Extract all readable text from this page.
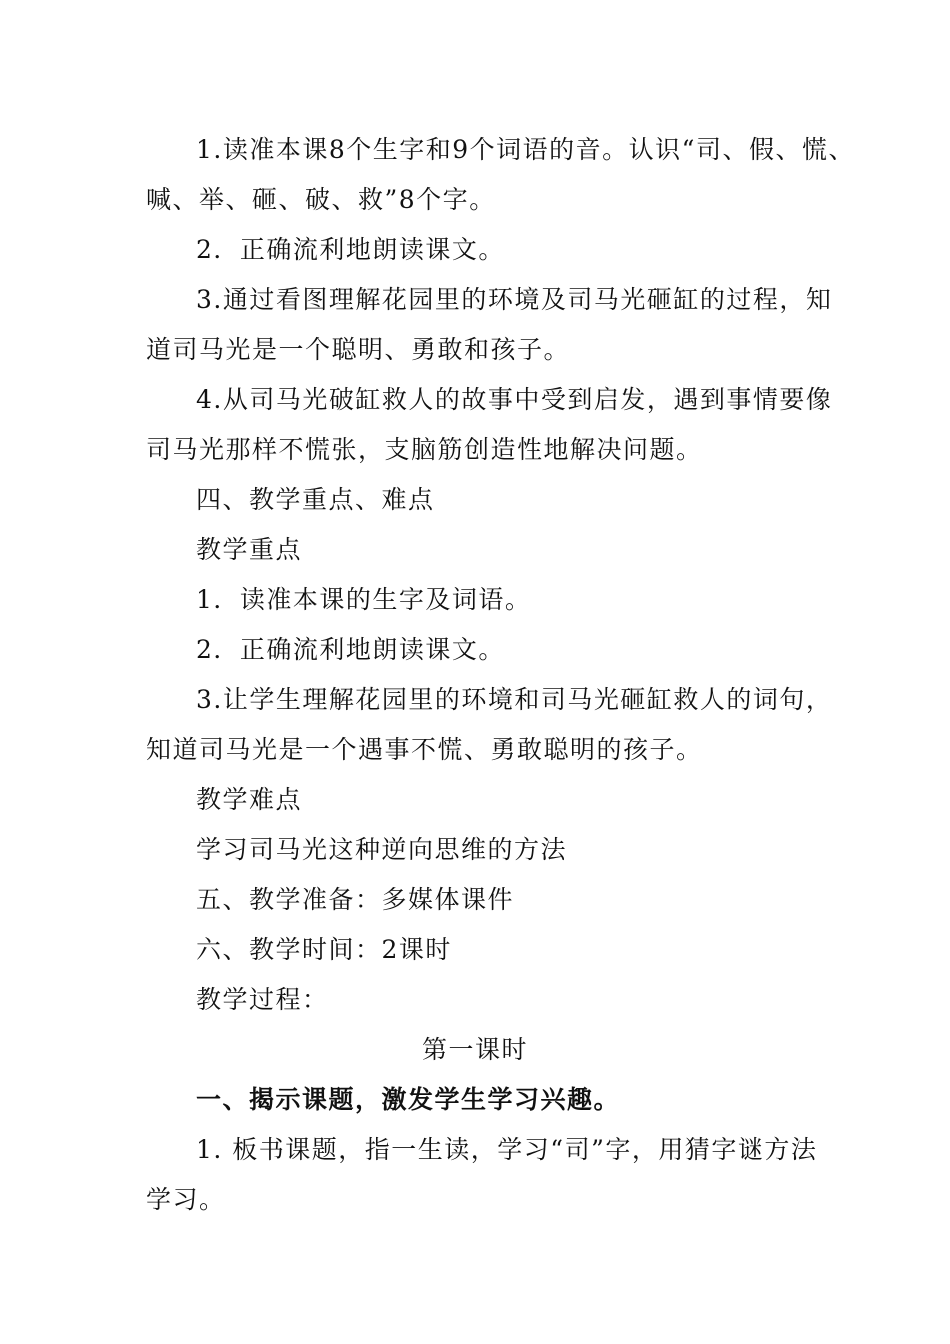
1.读准本课8个生字和9个词语的音。认识“司、假、慌、
喊、举、砸、破、救”8个字。
2．正确流利地朗读课文。
3.通过看图理解花园里的环境及司马光砸缸的过程，知
道司马光是一个聪明、勇敢和孩子。
4.从司马光破缸救人的故事中受到启发，遇到事情要像
司马光那样不慌张，支脑筋创造性地解决问题。
四、教学重点、难点
教学重点
1．读准本课的生字及词语。
2．正确流利地朗读课文。
3.让学生理解花园里的环境和司马光砸缸救人的词句，
知道司马光是一个遇事不慌、勇敢聪明的孩子。
教学难点
学习司马光这种逆向思维的方法
五、教学准备：多媒体课件
六、教学时间：2课时
教学过程：
第一课时
一、揭示课题，激发学生学习兴趣。
1. 板书课题，指一生读，学习“司”字，用猜字谜方法
学习。
